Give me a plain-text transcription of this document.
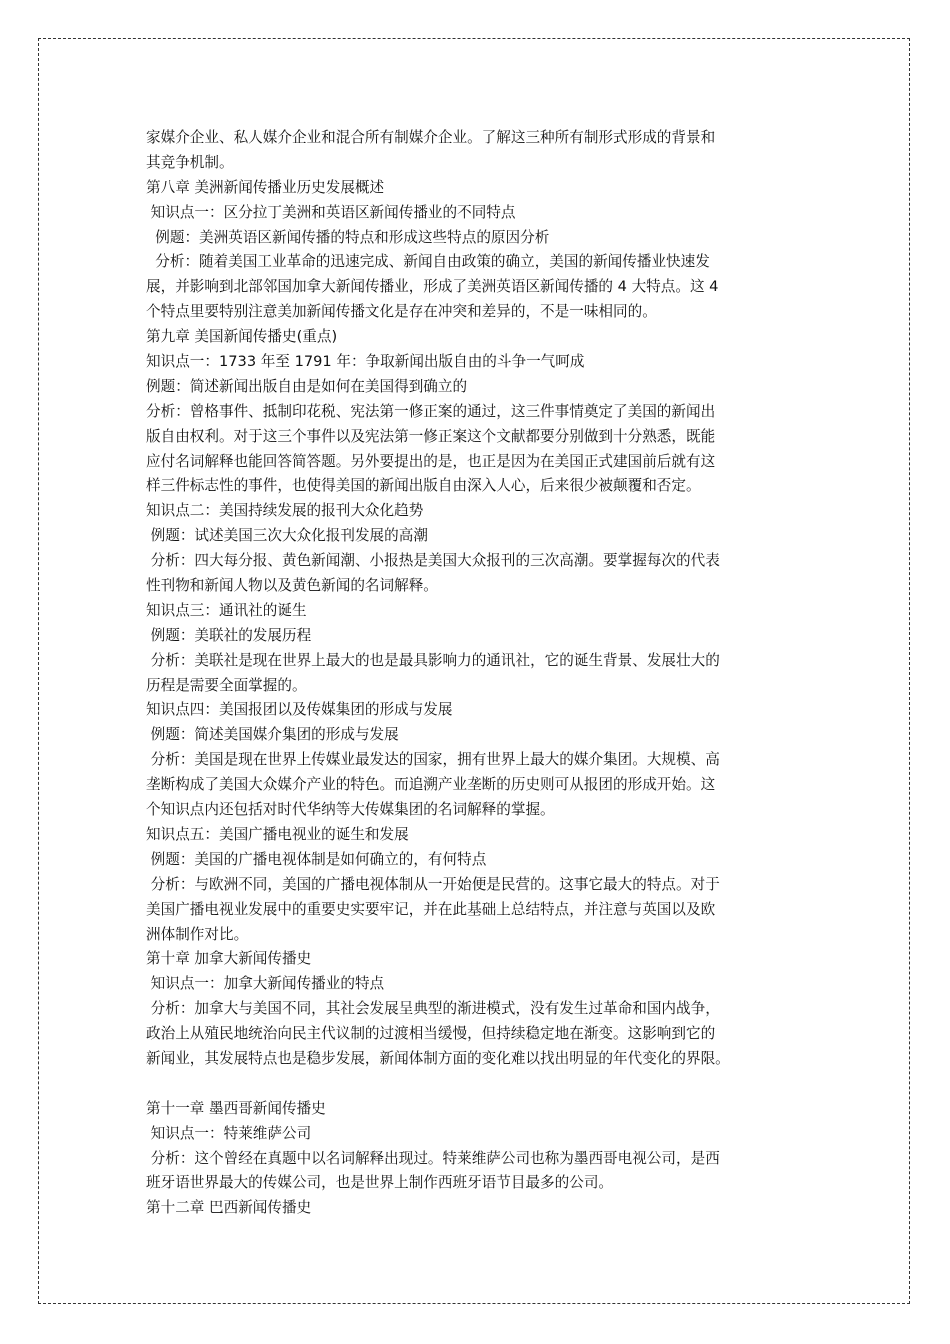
家媒介企业、私人媒介企业和混合所有制媒介企业。了解这三种所有制形式形成的背景和
其竞争机制。
第八章 美洲新闻传播业历史发展概述
知识点一：区分拉丁美洲和英语区新闻传播业的不同特点
例题：美洲英语区新闻传播的特点和形成这些特点的原因分析
分析：随着美国工业革命的迅速完成、新闻自由政策的确立，美国的新闻传播业快速发
展，并影响到北部邻国加拿大新闻传播业，形成了美洲英语区新闻传播的 4 大特点。这 4
个特点里要特别注意美加新闻传播文化是存在冲突和差异的，不是一味相同的。
第九章 美国新闻传播史(重点)
知识点一：1733 年至 1791 年：争取新闻出版自由的斗争一气呵成
例题：简述新闻出版自由是如何在美国得到确立的
分析：曾格事件、抵制印花税、宪法第一修正案的通过，这三件事情奠定了美国的新闻出
版自由权利。对于这三个事件以及宪法第一修正案这个文献都要分别做到十分熟悉，既能
应付名词解释也能回答简答题。另外要提出的是，也正是因为在美国正式建国前后就有这
样三件标志性的事件，也使得美国的新闻出版自由深入人心，后来很少被颠覆和否定。
知识点二：美国持续发展的报刊大众化趋势
例题：试述美国三次大众化报刊发展的高潮
分析：四大每分报、黄色新闻潮、小报热是美国大众报刊的三次高潮。要掌握每次的代表
性刊物和新闻人物以及黄色新闻的名词解释。
知识点三：通讯社的诞生
例题：美联社的发展历程
分析：美联社是现在世界上最大的也是最具影响力的通讯社，它的诞生背景、发展壮大的
历程是需要全面掌握的。
知识点四：美国报团以及传媒集团的形成与发展
例题：简述美国媒介集团的形成与发展
分析：美国是现在世界上传媒业最发达的国家，拥有世界上最大的媒介集团。大规模、高
垄断构成了美国大众媒介产业的特色。而追溯产业垄断的历史则可从报团的形成开始。这
个知识点内还包括对时代华纳等大传媒集团的名词解释的掌握。
知识点五：美国广播电视业的诞生和发展
例题：美国的广播电视体制是如何确立的，有何特点
分析：与欧洲不同，美国的广播电视体制从一开始便是民营的。这事它最大的特点。对于
美国广播电视业发展中的重要史实要牢记，并在此基础上总结特点，并注意与英国以及欧
洲体制作对比。
第十章 加拿大新闻传播史
知识点一：加拿大新闻传播业的特点
分析：加拿大与美国不同，其社会发展呈典型的渐进模式，没有发生过革命和国内战争，
政治上从殖民地统治向民主代议制的过渡相当缓慢，但持续稳定地在渐变。这影响到它的
新闻业，其发展特点也是稳步发展，新闻体制方面的变化难以找出明显的年代变化的界限。
第十一章 墨西哥新闻传播史
知识点一：特莱维萨公司
分析：这个曾经在真题中以名词解释出现过。特莱维萨公司也称为墨西哥电视公司，是西
班牙语世界最大的传媒公司，也是世界上制作西班牙语节目最多的公司。
第十二章 巴西新闻传播史
